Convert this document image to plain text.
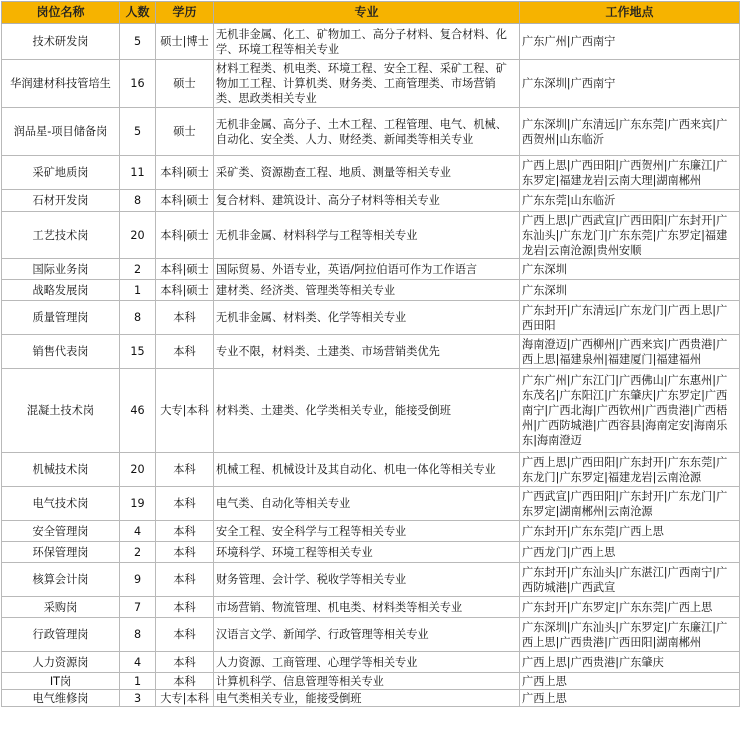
岗位名称	人数	学历	专业	工作地点
技术研发岗	5	硕士|博士	无机非金属、化工、矿物加工、高分子材料、复合材料、化学、环境工程等相关专业	广东广州|广西南宁
华润建材科技管培生	16	硕士	材料工程类、机电类、环境工程、安全工程、采矿工程、矿物加工工程、计算机类、财务类、工商管理类、市场营销类、思政类相关专业	广东深圳|广西南宁
润品星-项目储备岗	5	硕士	无机非金属、高分子、土木工程、工程管理、电气、机械、自动化、安全类、人力、财经类、新闻类等相关专业	广东深圳|广东清远|广东东莞|广西来宾|广西贺州|山东临沂
采矿地质岗	11	本科|硕士	采矿类、资源勘查工程、地质、测量等相关专业	广西上思|广西田阳|广西贺州|广东廉江|广东罗定|福建龙岩|云南大理|湖南郴州
石材开发岗	8	本科|硕士	复合材料、建筑设计、高分子材料等相关专业	广东东莞|山东临沂
工艺技术岗	20	本科|硕士	无机非金属、材料科学与工程等相关专业	广西上思|广西武宣|广西田阳|广东封开|广东汕头|广东龙门|广东东莞|广东罗定|福建龙岩|云南沧源|贵州安顺
国际业务岗	2	本科|硕士	国际贸易、外语专业，英语/阿拉伯语可作为工作语言	广东深圳
战略发展岗	1	本科|硕士	建材类、经济类、管理类等相关专业	广东深圳
质量管理岗	8	本科	无机非金属、材料类、化学等相关专业	广东封开|广东清远|广东龙门|广西上思|广西田阳
销售代表岗	15	本科	专业不限，材料类、土建类、市场营销类优先	海南澄迈|广西柳州|广西来宾|广西贵港|广西上思|福建泉州|福建厦门|福建福州
混凝土技术岗	46	大专|本科	材料类、土建类、化学类相关专业，能接受倒班	广东广州|广东江门|广西佛山|广东惠州|广东茂名|广东阳江|广东肇庆|广东罗定|广西南宁|广西北海|广西钦州|广西贵港|广西梧州|广西防城港|广西容县|海南定安|海南乐东|海南澄迈
机械技术岗	20	本科	机械工程、机械设计及其自动化、机电一体化等相关专业	广西上思|广西田阳|广东封开|广东东莞|广东龙门|广东罗定|福建龙岩|云南沧源
电气技术岗	19	本科	电气类、自动化等相关专业	广西武宣|广西田阳|广东封开|广东龙门|广东罗定|湖南郴州|云南沧源
安全管理岗	4	本科	安全工程、安全科学与工程等相关专业	广东封开|广东东莞|广西上思
环保管理岗	2	本科	环境科学、环境工程等相关专业	广西龙门|广西上思
核算会计岗	9	本科	财务管理、会计学、税收学等相关专业	广东封开|广东汕头|广东湛江|广西南宁|广西防城港|广西武宣
采购岗	7	本科	市场营销、物流管理、机电类、材料类等相关专业	广东封开|广东罗定|广东东莞|广西上思
行政管理岗	8	本科	汉语言文学、新闻学、行政管理等相关专业	广东深圳|广东汕头|广东罗定|广东廉江|广西上思|广西贵港|广西田阳|湖南郴州
人力资源岗	4	本科	人力资源、工商管理、心理学等相关专业	广西上思|广西贵港|广东肇庆
IT岗	1	本科	计算机科学、信息管理等相关专业	广西上思
电气维修岗	3	大专|本科	电气类相关专业，能接受倒班	广西上思
